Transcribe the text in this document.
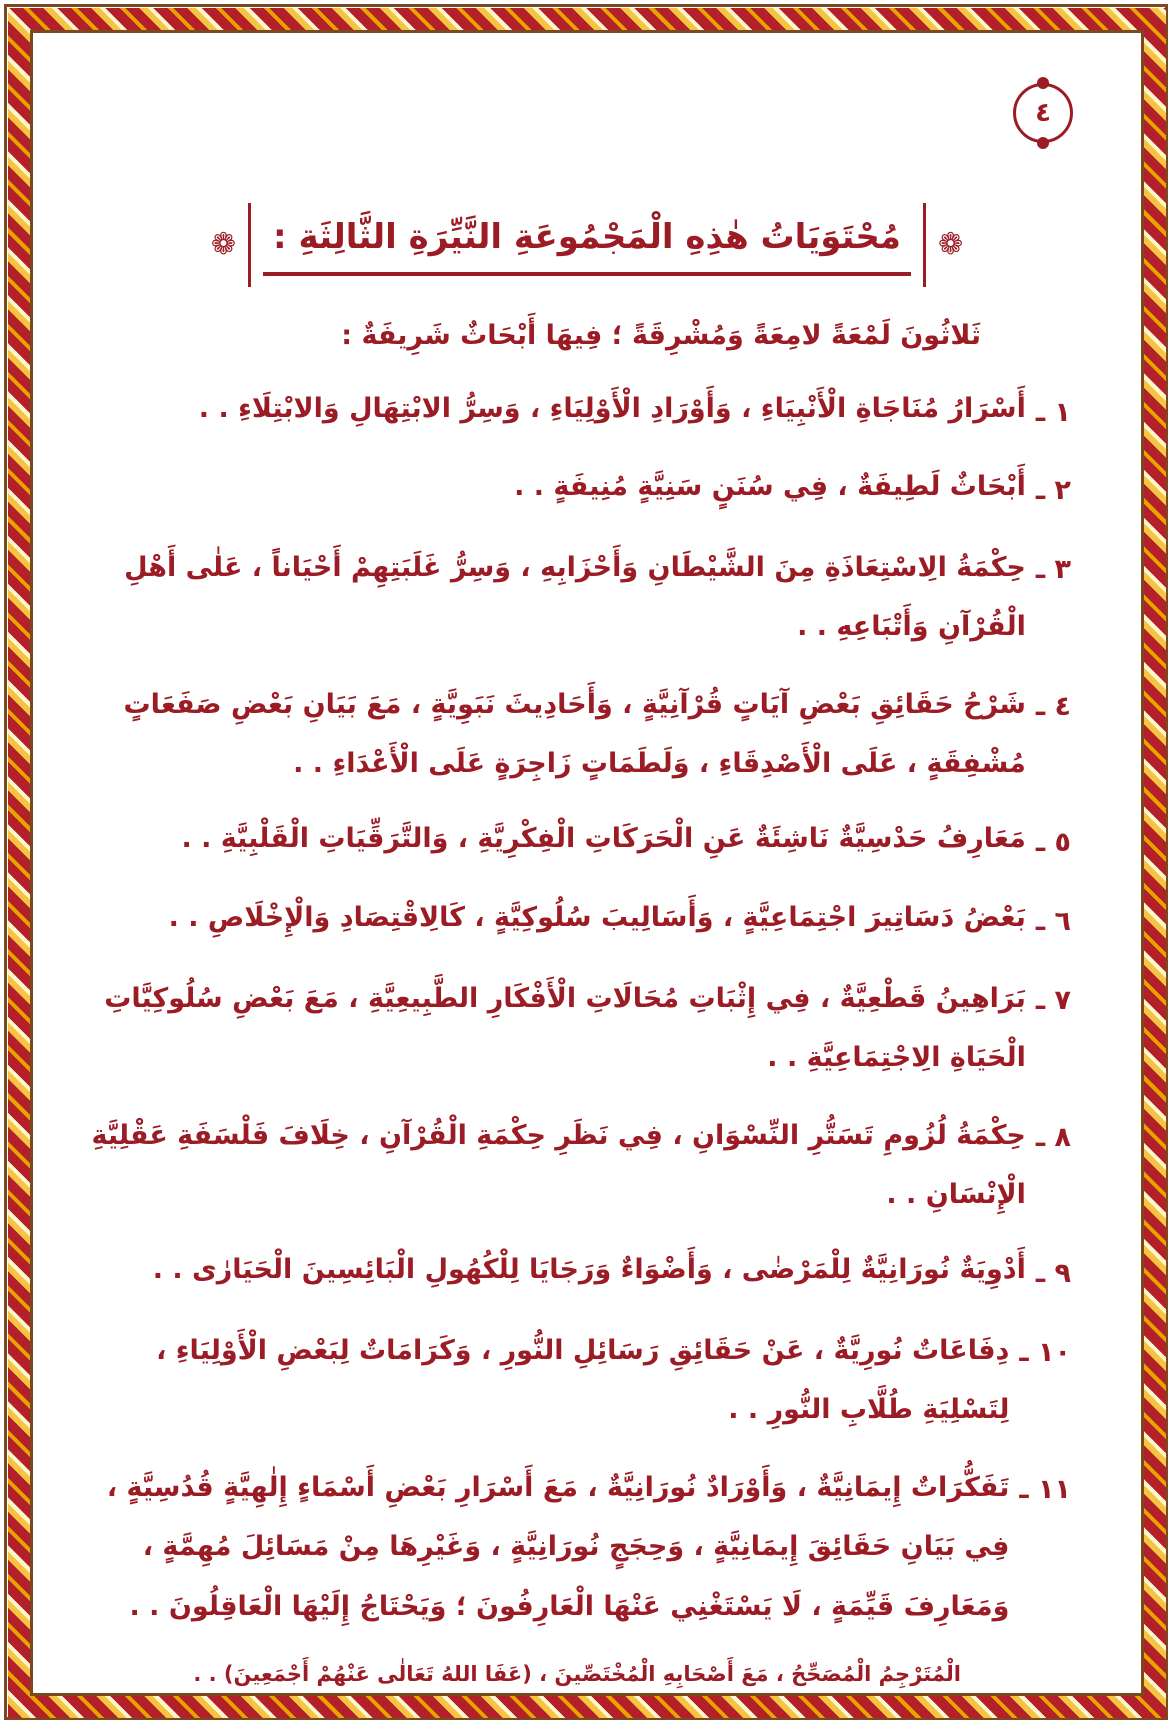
٤
❁
مُحْتَوَيَاتُ هٰذِهِ الْمَجْمُوعَةِ النَّيِّرَةِ الثَّالِثَةِ :
❁
ثَلاثُونَ لَمْعَةً لامِعَةً وَمُشْرِقَةً ؛ فِيهَا أَبْحَاثٌ شَرِيفَةٌ :
١ ـ
أَسْرَارُ مُنَاجَاةِ الْأَنْبِيَاءِ ، وَأَوْرَادِ الْأَوْلِيَاءِ ، وَسِرُّ الابْتِهَالِ وَالابْتِلَاءِ . .
٢ ـ
أَبْحَاثٌ لَطِيفَةٌ ، فِي سُنَنٍ سَنِيَّةٍ مُنِيفَةٍ . .
٣ ـ
حِكْمَةُ الِاسْتِعَاذَةِ مِنَ الشَّيْطَانِ وَأَحْزَابِهِ ، وَسِرُّ غَلَبَتِهِمْ أَحْيَاناً ، عَلٰى أَهْلِ الْقُرْآنِ وَأَتْبَاعِهِ . .
٤ ـ
شَرْحُ حَقَائِقِ بَعْضِ آيَاتٍ قُرْآنِيَّةٍ ، وَأَحَادِيثَ نَبَوِيَّةٍ ، مَعَ بَيَانِ بَعْضِ صَفَعَاتٍ مُشْفِقَةٍ ، عَلَى الْأَصْدِقَاءِ ، وَلَطَمَاتٍ زَاجِرَةٍ عَلَى الْأَعْدَاءِ . .
٥ ـ
مَعَارِفُ حَدْسِيَّةٌ نَاشِئَةٌ عَنِ الْحَرَكَاتِ الْفِكْرِيَّةِ ، وَالتَّرَقِّيَاتِ الْقَلْبِيَّةِ . .
٦ ـ
بَعْضُ دَسَاتِيرَ اجْتِمَاعِيَّةٍ ، وَأَسَالِيبَ سُلُوكِيَّةٍ ، كَالِاقْتِصَادِ وَالْإِخْلَاصِ . .
٧ ـ
بَرَاهِينُ قَطْعِيَّةٌ ، فِي إِثْبَاتِ مُحَالَاتِ الْأَفْكَارِ الطَّبِيعِيَّةِ ، مَعَ بَعْضِ سُلُوكِيَّاتِ الْحَيَاةِ الِاجْتِمَاعِيَّةِ . .
٨ ـ
حِكْمَةُ لُزُومِ تَسَتُّرِ النِّسْوَانِ ، فِي نَظَرِ حِكْمَةِ الْقُرْآنِ ، خِلَافَ فَلْسَفَةِ عَقْلِيَّةِ الْإِنْسَانِ . .
٩ ـ
أَدْوِيَةٌ نُورَانِيَّةٌ لِلْمَرْضٰى ، وَأَضْوَاءٌ وَرَجَايَا لِلْكُهُولِ الْبَائِسِينَ الْحَيَارٰى . .
١٠ ـ
دِفَاعَاتٌ نُورِيَّةٌ ، عَنْ حَقَائِقِ رَسَائِلِ النُّورِ ، وَكَرَامَاتٌ لِبَعْضِ الْأَوْلِيَاءِ ، لِتَسْلِيَةِ طُلَّابِ النُّورِ . .
١١ ـ
تَفَكُّرَاتٌ إِيمَانِيَّةٌ ، وَأَوْرَادٌ نُورَانِيَّةٌ ، مَعَ أَسْرَارِ بَعْضِ أَسْمَاءٍ إِلٰهِيَّةٍ قُدُسِيَّةٍ ، فِي بَيَانِ حَقَائِقَ إِيمَانِيَّةٍ ، وَحِجَجٍ نُورَانِيَّةٍ ، وَغَيْرِهَا مِنْ مَسَائِلَ مُهِمَّةٍ ، وَمَعَارِفَ قَيِّمَةٍ ، لَا يَسْتَغْنِي عَنْهَا الْعَارِفُونَ ؛ وَيَحْتَاجُ إِلَيْهَا الْعَاقِلُونَ . .
الْمُتَرْجِمُ الْمُصَحِّحُ ، مَعَ أَصْحَابِهِ الْمُخْتَصِّينَ ، (عَفَا اللهُ تَعَالٰى عَنْهُمْ أَجْمَعِينَ) . .
